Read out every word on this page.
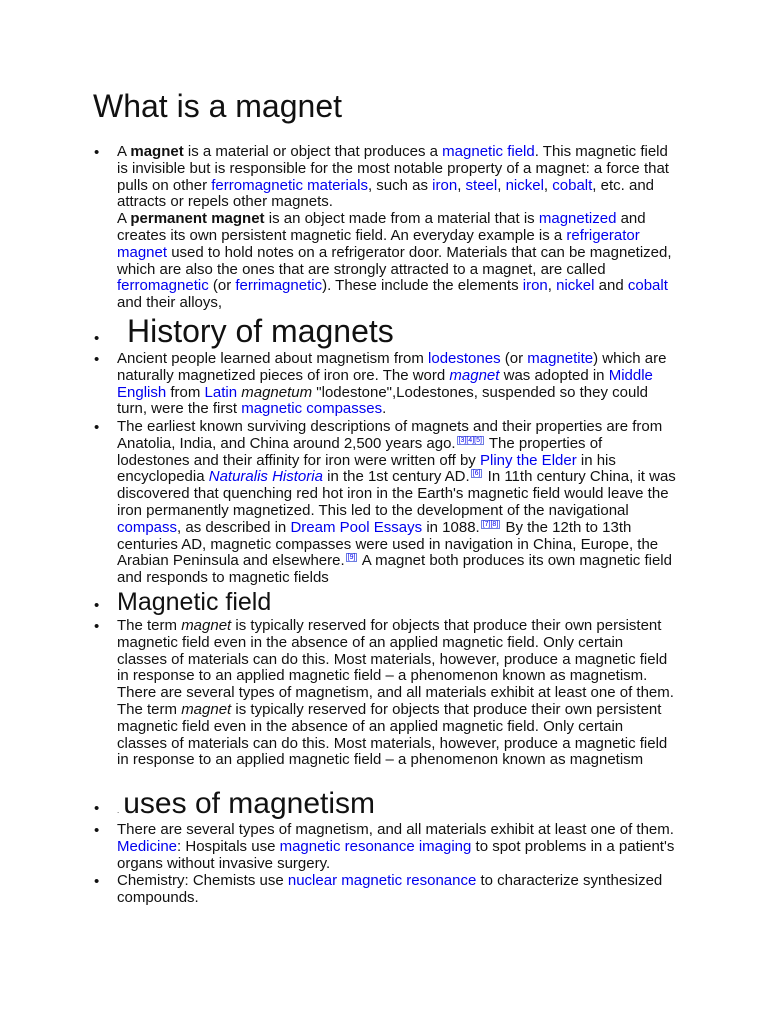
What is a magnet
• A magnet is a material or object that produces a magnetic field. This magnetic field is invisible but is responsible for the most notable property of a magnet: a force that pulls on other ferromagnetic materials, such as iron, steel, nickel, cobalt, etc. and attracts or repels other magnets.
A permanent magnet is an object made from a material that is magnetized and creates its own persistent magnetic field. An everyday example is a refrigerator magnet used to hold notes on a refrigerator door. Materials that can be magnetized, which are also the ones that are strongly attracted to a magnet, are called ferromagnetic (or ferrimagnetic). These include the elements iron, nickel and cobalt and their alloys,

• History of magnets
• Ancient people learned about magnetism from lodestones (or magnetite) which are naturally magnetized pieces of iron ore. The word magnet was adopted in Middle English from Latin magnetum "lodestone",Lodestones, suspended so they could turn, were the first magnetic compasses.

• The earliest known surviving descriptions of magnets and their properties are from Anatolia, India, and China around 2,500 years ago. [3][4][5] The properties of lodestones and their affinity for iron were written off by Pliny the Elder in his encyclopedia Naturalis Historia in the 1st century AD. [6] In 11th century China, it was discovered that quenching red hot iron in the Earth's magnetic field would leave the iron permanently magnetized. This led to the development of the navigational compass, as described in Dream Pool Essays in 1088. [7][8] By the 12th to 13th centuries AD, magnetic compasses were used in navigation in China, Europe, the Arabian Peninsula and elsewhere. [9] A magnet both produces its own magnetic field and responds to magnetic fields

• Magnetic field
• The term magnet is typically reserved for objects that produce their own persistent magnetic field even in the absence of an applied magnetic field. Only certain classes of materials can do this. Most materials, however, produce a magnetic field in response to an applied magnetic field – a phenomenon known as magnetism. There are several types of magnetism, and all materials exhibit at least one of them. The term magnet is typically reserved for objects that produce their own persistent magnetic field even in the absence of an applied magnetic field. Only certain classes of materials can do this. Most materials, however, produce a magnetic field in response to an applied magnetic field – a phenomenon known as magnetism

• . uses of magnetism
• There are several types of magnetism, and all materials exhibit at least one of them. Medicine: Hospitals use magnetic resonance imaging to spot problems in a patient's organs without invasive surgery.

• Chemistry: Chemists use nuclear magnetic resonance to characterize synthesized compounds.
